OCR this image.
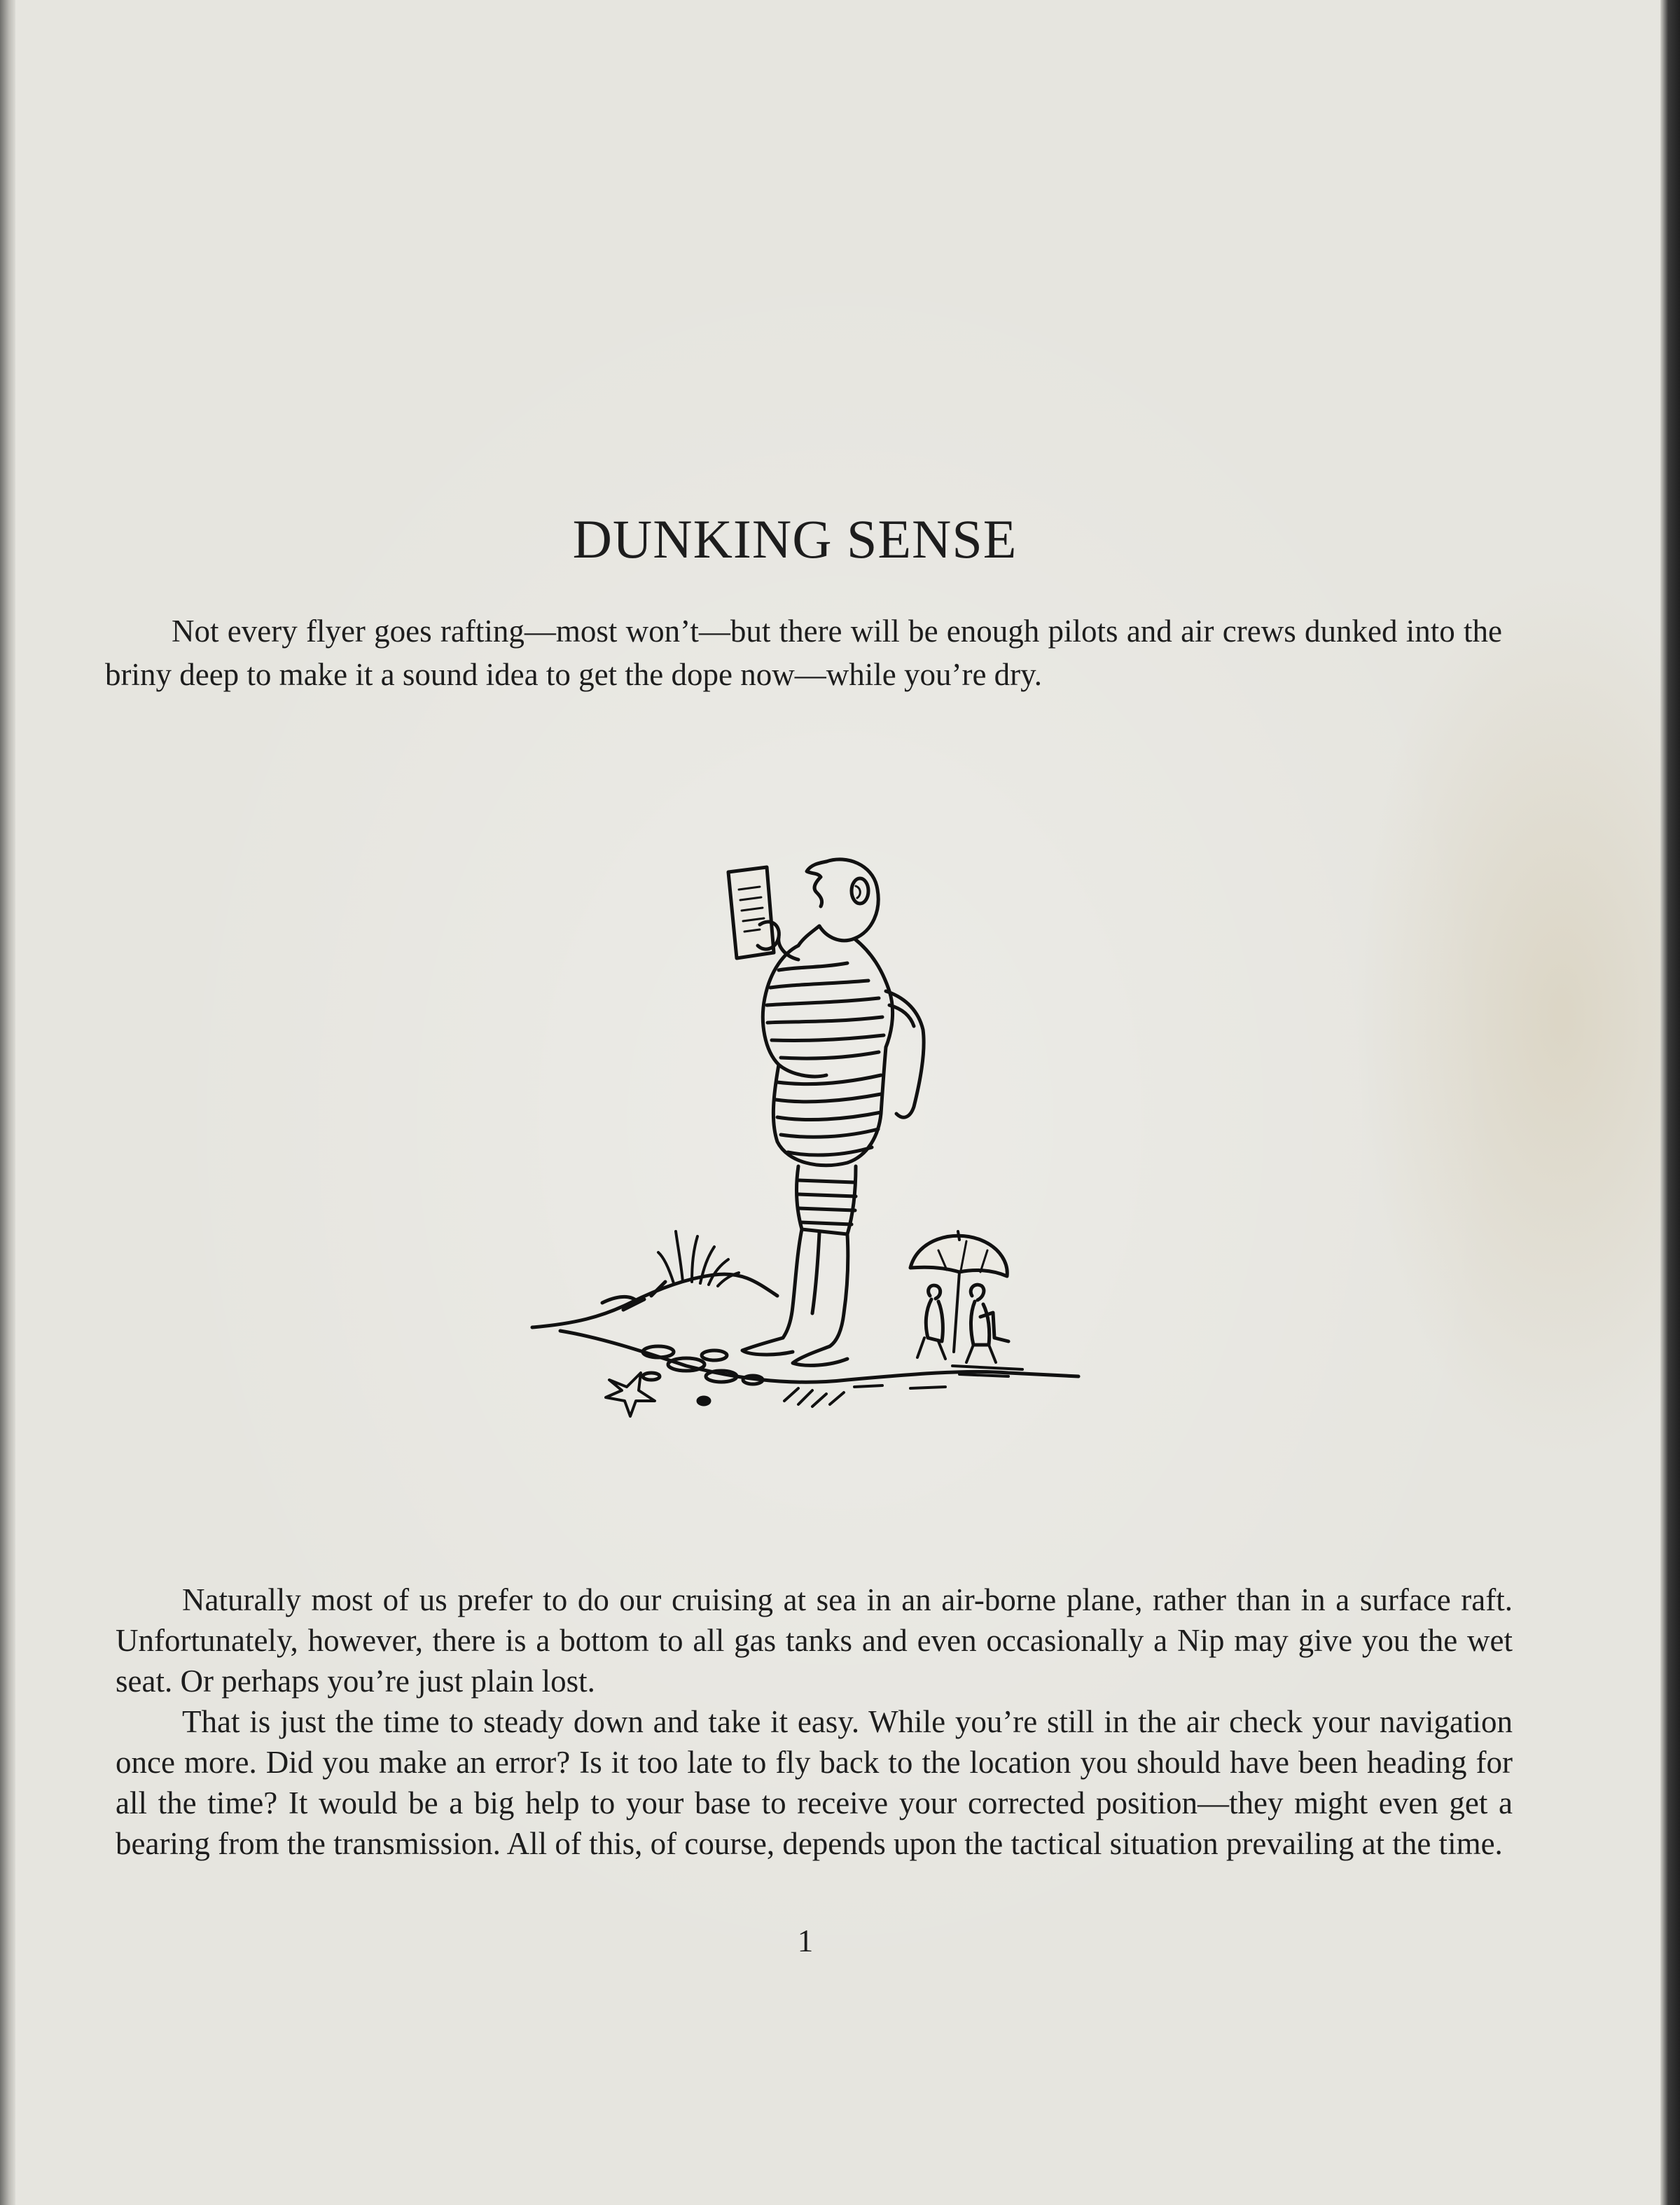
DUNKING SENSE

Not every flyer goes rafting—most won’t—but there will be enough pilots and air crews dunked into the briny deep to make it a sound idea to get the dope now—while you’re dry.

Naturally most of us prefer to do our cruising at sea in an air-borne plane, rather than in a surface raft. Unfortunately, however, there is a bottom to all gas tanks and even occasionally a Nip may give you the wet seat. Or perhaps you’re just plain lost.

That is just the time to steady down and take it easy. While you’re still in the air check your navigation once more. Did you make an error? Is it too late to fly back to the location you should have been heading for all the time? It would be a big help to your base to receive your corrected position—they might even get a bearing from the transmission. All of this, of course, depends upon the tactical situation prevailing at the time.

1
